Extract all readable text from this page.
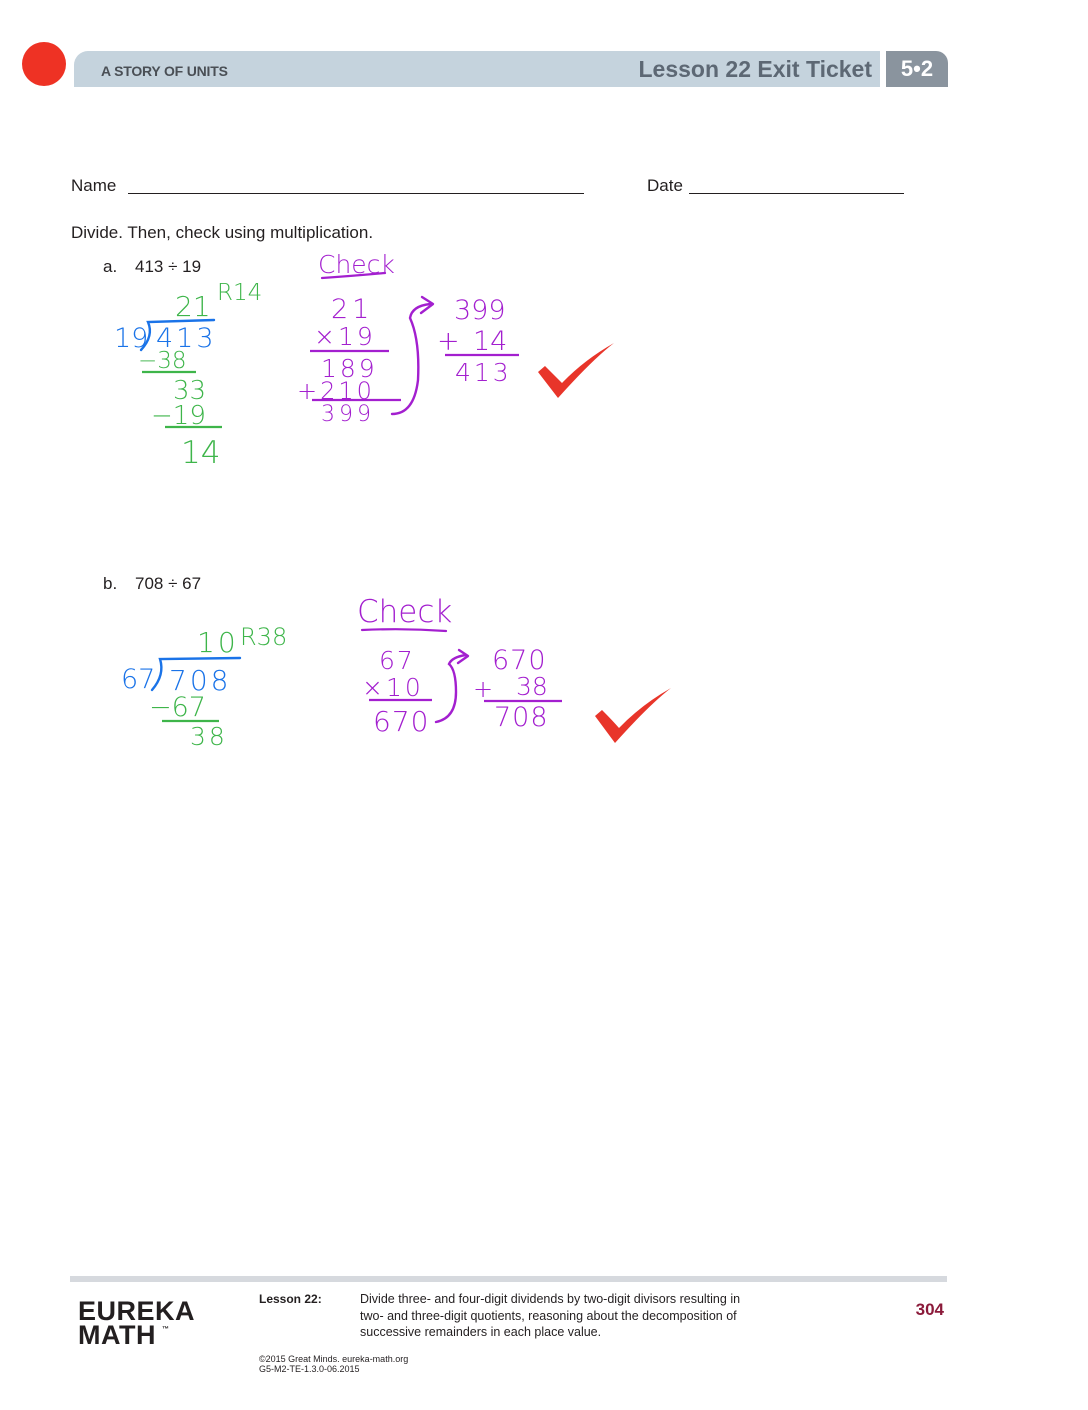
A STORY OF UNITS	Lesson 22 Exit Ticket	5•2
Name	Date
Divide. Then, check using multiplication.
a. 413 ÷ 19
b. 708 ÷ 67
21 R14
19 413
−38
33
−19
14
Check
21
×19
189
+210
399
399
+ 14
413
10 R38
67 708
−67
38
Check
67
×10
670
670
+ 38
708
EUREKA
MATH ™
Lesson 22:	Divide three- and four-digit dividends by two-digit divisors resulting in
two- and three-digit quotients, reasoning about the decomposition of
successive remainders in each place value.
304
©2015 Great Minds. eureka-math.org
G5-M2-TE-1.3.0-06.2015
